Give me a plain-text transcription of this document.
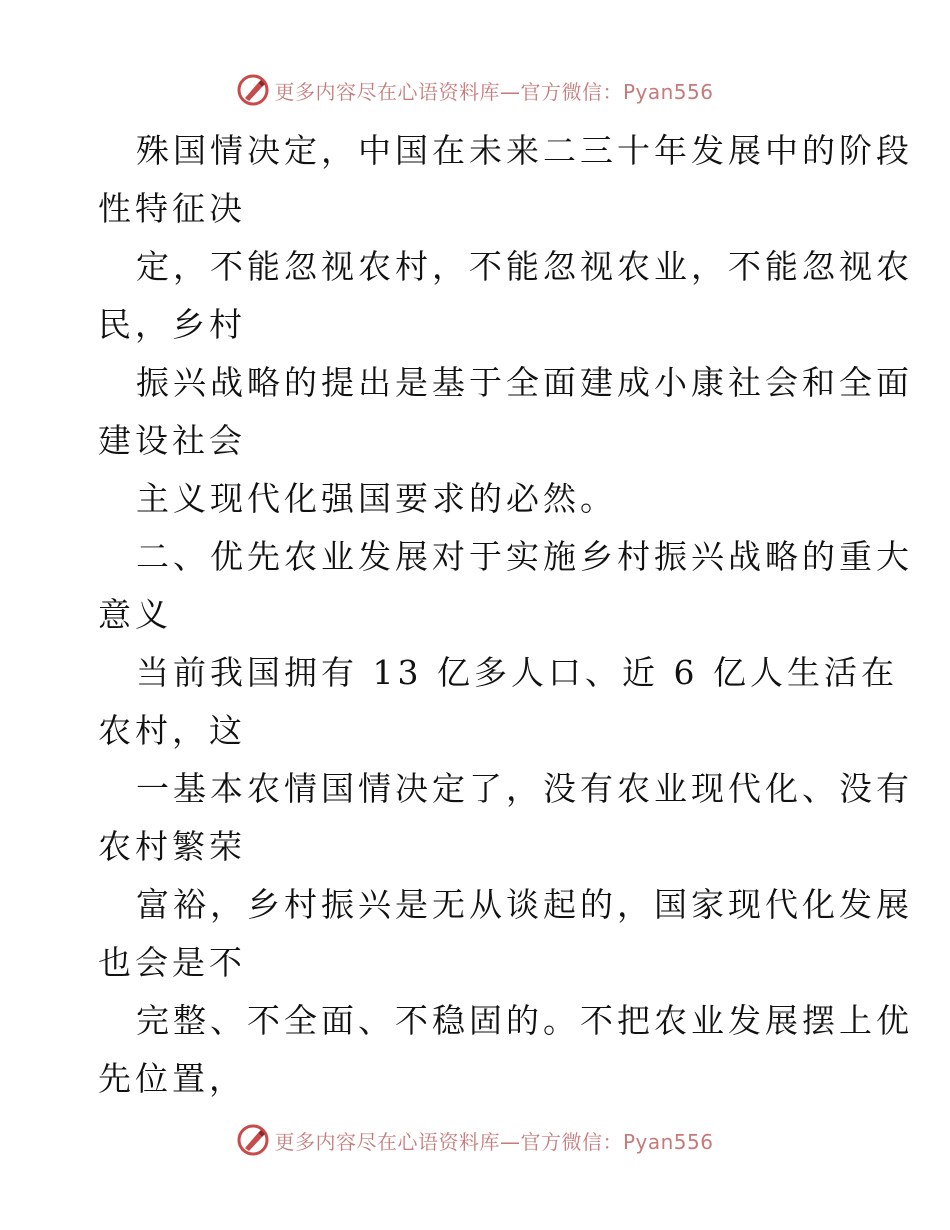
更多内容尽在心语资料库—官方微信：Pyan556
殊国情决定，中国在未来二三十年发展中的阶段
性特征决
定，不能忽视农村，不能忽视农业，不能忽视农
民，乡村
振兴战略的提出是基于全面建成小康社会和全面
建设社会
主义现代化强国要求的必然。
二、优先农业发展对于实施乡村振兴战略的重大
意义
当前我国拥有 13 亿多人口、近 6 亿人生活在
农村，这
一基本农情国情决定了，没有农业现代化、没有
农村繁荣
富裕，乡村振兴是无从谈起的，国家现代化发展
也会是不
完整、不全面、不稳固的。不把农业发展摆上优
先位置，
更多内容尽在心语资料库—官方微信：Pyan556
